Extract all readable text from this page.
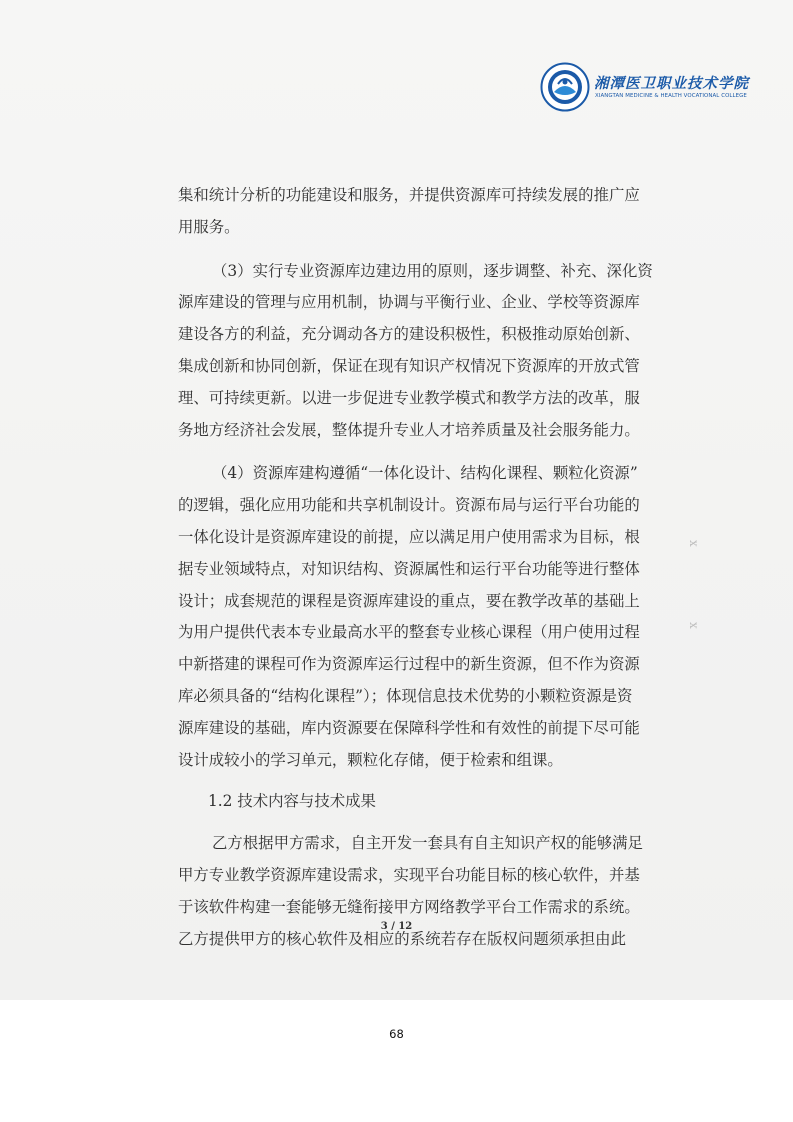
湘潭医卫职业技术学院
XIANGTAN MEDICINE & HEALTH VOCATIONAL COLLEGE
集和统计分析的功能建设和服务，并提供资源库可持续发展的推广应
用服务。
（3）实行专业资源库边建边用的原则，逐步调整、补充、深化资
源库建设的管理与应用机制，协调与平衡行业、企业、学校等资源库
建设各方的利益，充分调动各方的建设积极性，积极推动原始创新、
集成创新和协同创新，保证在现有知识产权情况下资源库的开放式管
理、可持续更新。以进一步促进专业教学模式和教学方法的改革，服
务地方经济社会发展，整体提升专业人才培养质量及社会服务能力。
（4）资源库建构遵循“一体化设计、结构化课程、颗粒化资源”
的逻辑，强化应用功能和共享机制设计。资源布局与运行平台功能的
一体化设计是资源库建设的前提，应以满足用户使用需求为目标，根
据专业领域特点，对知识结构、资源属性和运行平台功能等进行整体
设计；成套规范的课程是资源库建设的重点，要在教学改革的基础上
为用户提供代表本专业最高水平的整套专业核心课程（用户使用过程
中新搭建的课程可作为资源库运行过程中的新生资源，但不作为资源
库必须具备的“结构化课程”）；体现信息技术优势的小颗粒资源是资
源库建设的基础，库内资源要在保障科学性和有效性的前提下尽可能
设计成较小的学习单元，颗粒化存储，便于检索和组课。
1.2 技术内容与技术成果
乙方根据甲方需求，自主开发一套具有自主知识产权的能够满足
甲方专业教学资源库建设需求，实现平台功能目标的核心软件，并基
于该软件构建一套能够无缝衔接甲方网络教学平台工作需求的系统。
乙方提供甲方的核心软件及相应的系统若存在版权问题须承担由此
x
x
3 / 12
68
